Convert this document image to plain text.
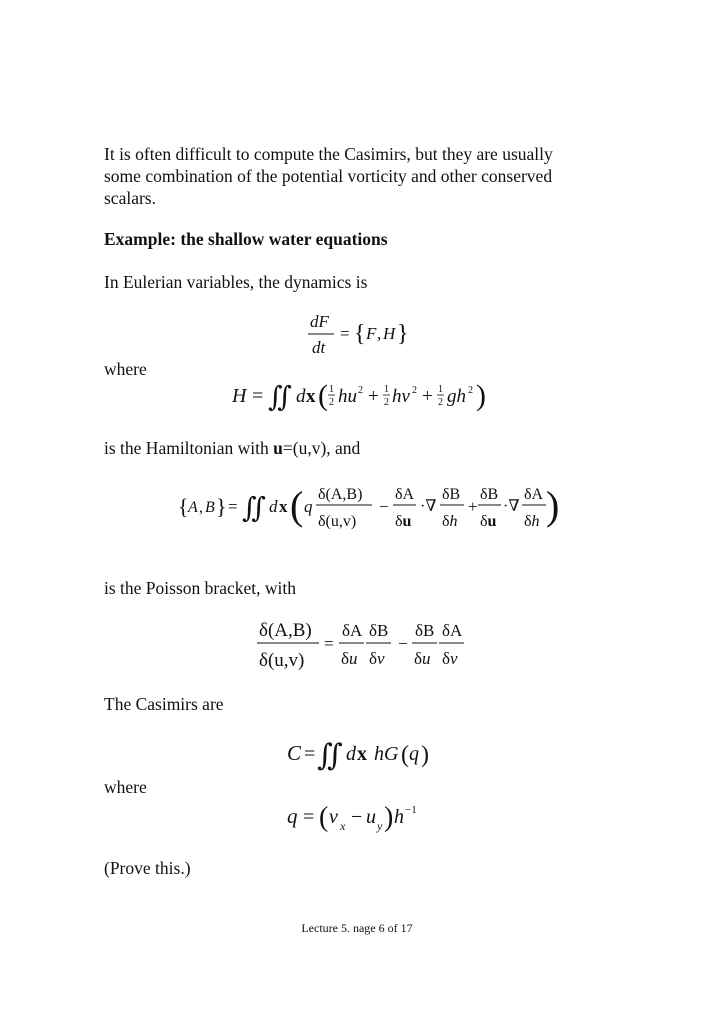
It is often difficult to compute the Casimirs, but they are usually some combination of the potential vorticity and other conserved scalars.
Example: the shallow water equations
In Eulerian variables, the dynamics is
dF
dt
= { F , H }
where
H = ∬ d x ( 1
2 hu 2 + 1
2 hv 2 + 1
2 gh 2 )
is the Hamiltonian with u=(u,v), and
{ A , B } = ∬ d x ( q
δ(A,B)
δ(u,v)
−
δA
δu
·∇
δB
δh
+
δB
δu
·∇
δA
δh )
is the Poisson bracket, with
δ(A,B)
δ(u,v)
=
δA
δu
δB
δv
−
δB
δu
δA
δv
The Casimirs are
C = ∬ d x hG ( q )
where
q = ( v x − u y ) h −1
(Prove this.)
Lecture 5. nage 6 of 17
